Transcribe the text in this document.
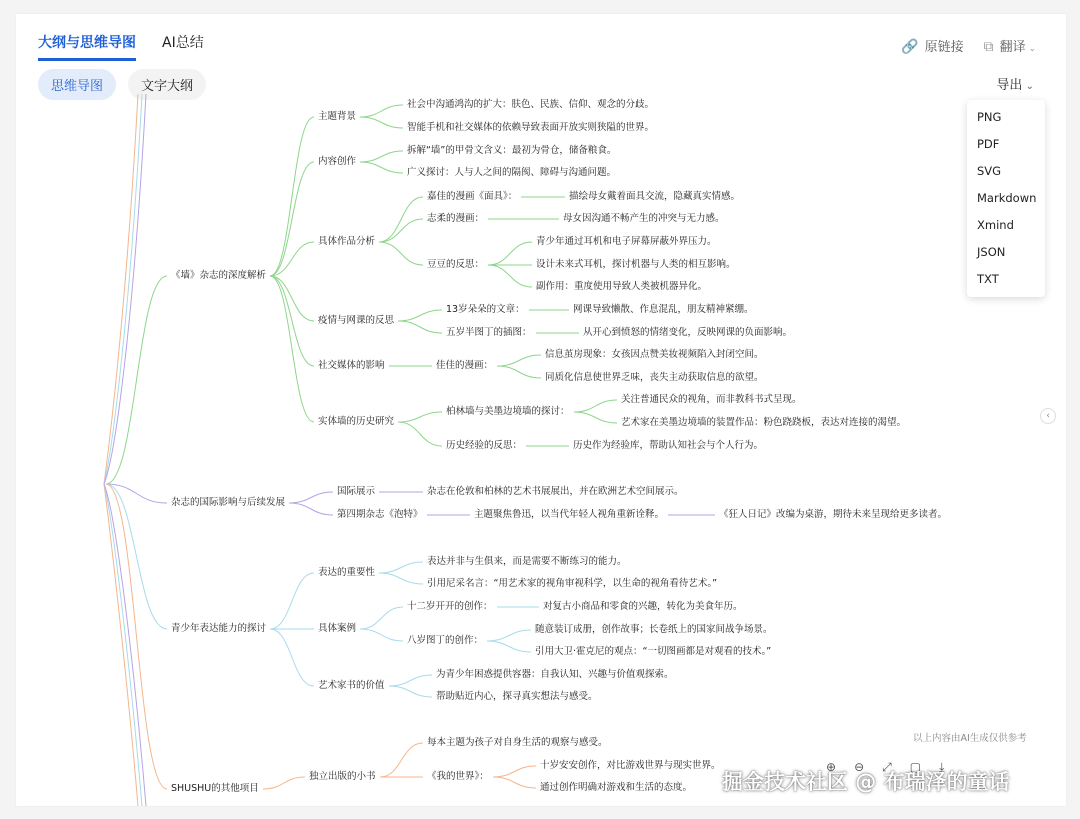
大纲与思维导图 AI总结	🔗 原链接 ⧉ 翻译 ⌄
思维导图	文字大纲	导出 ⌄
PNG
PDF
SVG
Markdown
Xmind
JSON
TXT
《墙》杂志的深度解析
主题背景
社会中沟通鸿沟的扩大：肤色、民族、信仰、观念的分歧。
智能手机和社交媒体的依赖导致表面开放实则狭隘的世界。
内容创作
拆解“墙”的甲骨文含义：最初为骨仓，储备粮食。
广义探讨：人与人之间的隔阂、障碍与沟通问题。
具体作品分析
嘉佳的漫画《面具》：	描绘母女戴着面具交流，隐藏真实情感。
志柔的漫画：	母女因沟通不畅产生的冲突与无力感。
豆豆的反思：
青少年通过耳机和电子屏幕屏蔽外界压力。
设计未来式耳机，探讨机器与人类的相互影响。
副作用：重度使用导致人类被机器异化。
疫情与网课的反思
13岁朵朵的文章：	网课导致懒散、作息混乱，朋友精神紧绷。
五岁半图丁的插图：	从开心到愤怒的情绪变化，反映网课的负面影响。
社交媒体的影响	佳佳的漫画：
信息茧房现象：女孩因点赞美妆视频陷入封闭空间。
同质化信息使世界乏味，丧失主动获取信息的欲望。
实体墙的历史研究
柏林墙与美墨边境墙的探讨：
关注普通民众的视角，而非教科书式呈现。
艺术家在美墨边境墙的装置作品：粉色跷跷板，表达对连接的渴望。
历史经验的反思：	历史作为经验库，帮助认知社会与个人行为。
杂志的国际影响与后续发展
国际展示	杂志在伦敦和柏林的艺术书展展出，并在欧洲艺术空间展示。
第四期杂志《泡特》	主题聚焦鲁迅，以当代年轻人视角重新诠释。	《狂人日记》改编为桌游，期待未来呈现给更多读者。
青少年表达能力的探讨
表达的重要性
表达并非与生俱来，而是需要不断练习的能力。
引用尼采名言：“用艺术家的视角审视科学，以生命的视角看待艺术。”
具体案例
十二岁开开的创作：	对复古小商品和零食的兴趣，转化为美食年历。
八岁图丁的创作：
随意装订成册，创作故事；长卷纸上的国家间战争场景。
引用大卫·霍克尼的观点：“一切图画都是对观看的技术。”
艺术家书的价值
为青少年困惑提供容器：自我认知、兴趣与价值观探索。
帮助贴近内心，探寻真实想法与感受。
SHUSHU的其他项目
独立出版的小书
每本主题为孩子对自身生活的观察与感受。
《我的世界》：
十岁安安创作，对比游戏世界与现实世界。
通过创作明确对游戏和生活的态度。
‹
以上内容由AI生成仅供参考
⊕ ⊖ ⤢ ▢ ⤓
掘金技术社区 @ 布瑞泽的童话
